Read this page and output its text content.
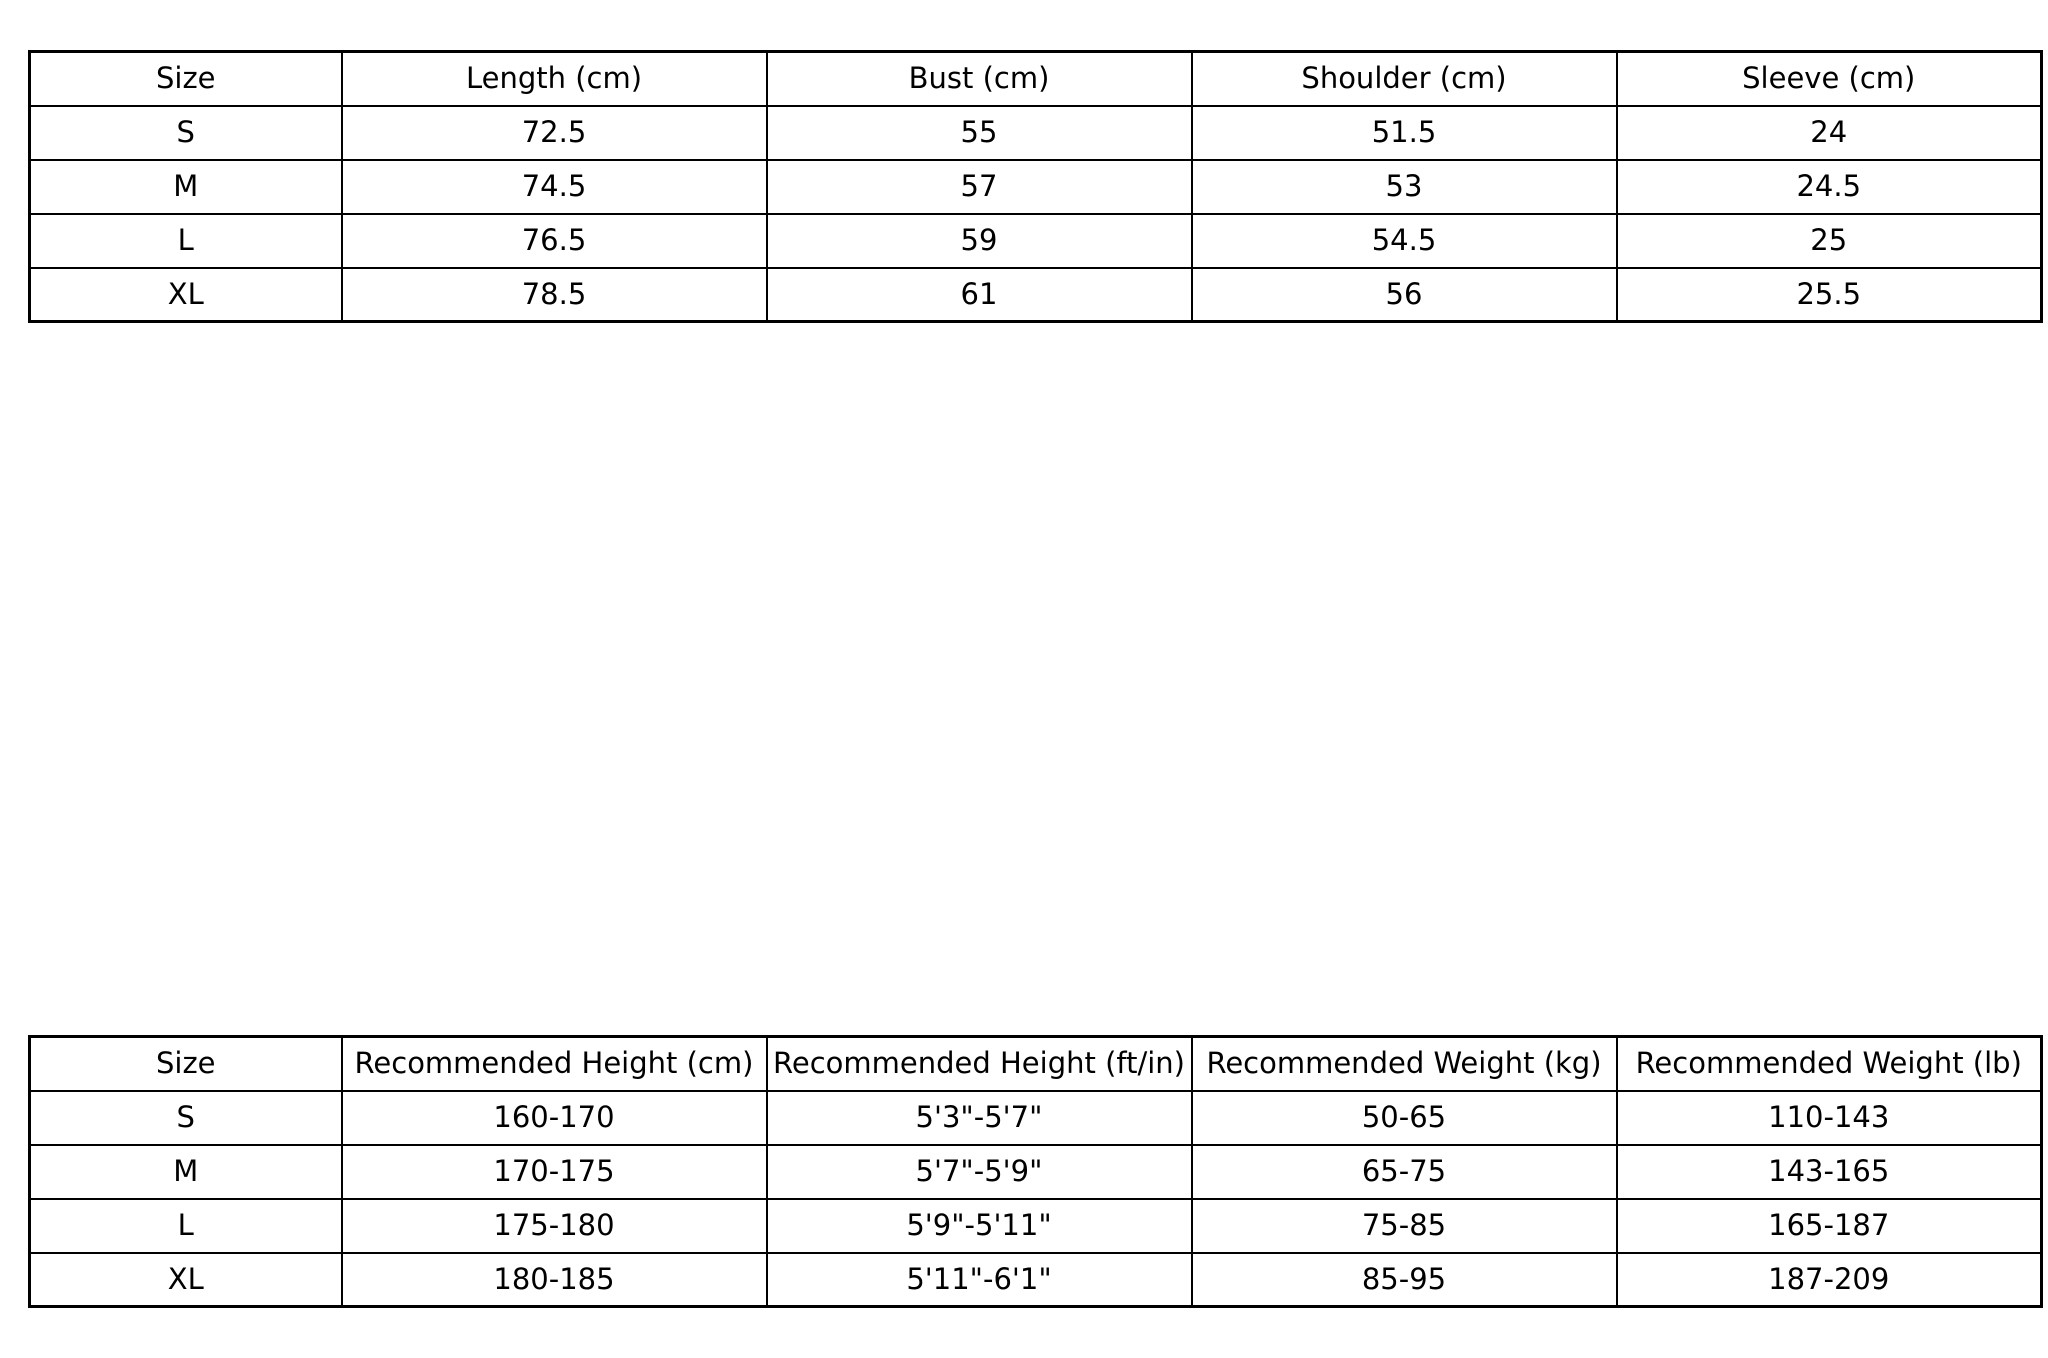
Size	Length (cm)	Bust (cm)	Shoulder (cm)	Sleeve (cm)
S	72.5	55	51.5	24
M	74.5	57	53	24.5
L	76.5	59	54.5	25
XL	78.5	61	56	25.5
Size	Recommended Height (cm)	Recommended Height (ft/in)	Recommended Weight (kg)	Recommended Weight (lb)

S	160-170	5'3"-5'7"	50-65	110-143
M	170-175	5'7"-5'9"	65-75	143-165
L	175-180	5'9"-5'11"	75-85	165-187
XL	180-185	5'11"-6'1"	85-95	187-209
